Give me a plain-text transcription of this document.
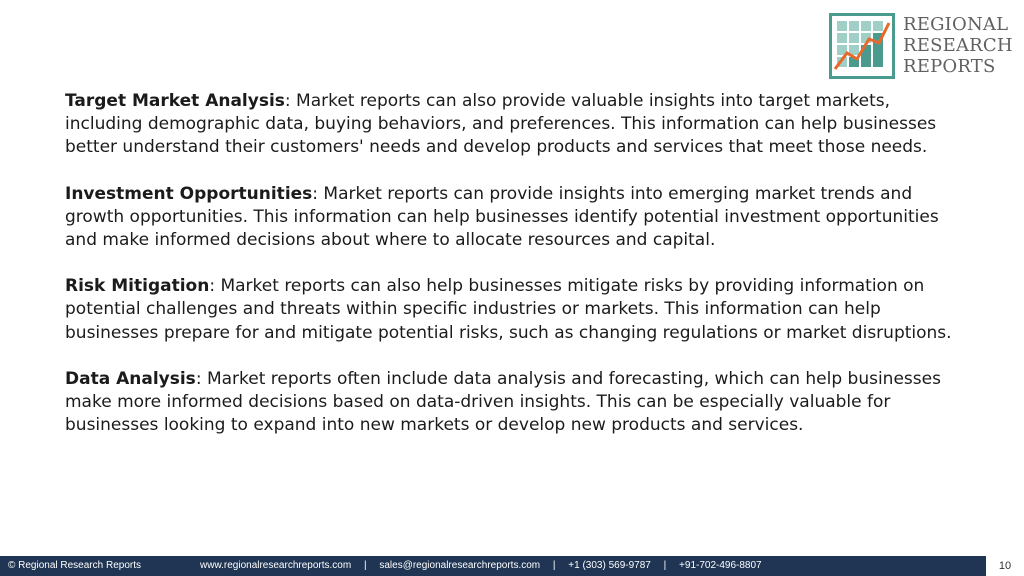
REGIONAL
RESEARCH
REPORTS

Target Market Analysis: Market reports can also provide valuable insights into target markets, including demographic data, buying behaviors, and preferences. This information can help businesses better understand their customers' needs and develop products and services that meet those needs.

Investment Opportunities: Market reports can provide insights into emerging market trends and growth opportunities. This information can help businesses identify potential investment opportunities and make informed decisions about where to allocate resources and capital.

Risk Mitigation: Market reports can also help businesses mitigate risks by providing information on potential challenges and threats within specific industries or markets. This information can help businesses prepare for and mitigate potential risks, such as changing regulations or market disruptions.

Data Analysis: Market reports often include data analysis and forecasting, which can help businesses make more informed decisions based on data-driven insights. This can be especially valuable for businesses looking to expand into new markets or develop new products and services.

© Regional Research Reports	www.regionalresearchreports.com | sales@regionalresearchreports.com | +1 (303) 569-9787 | +91-702-496-8807	10
